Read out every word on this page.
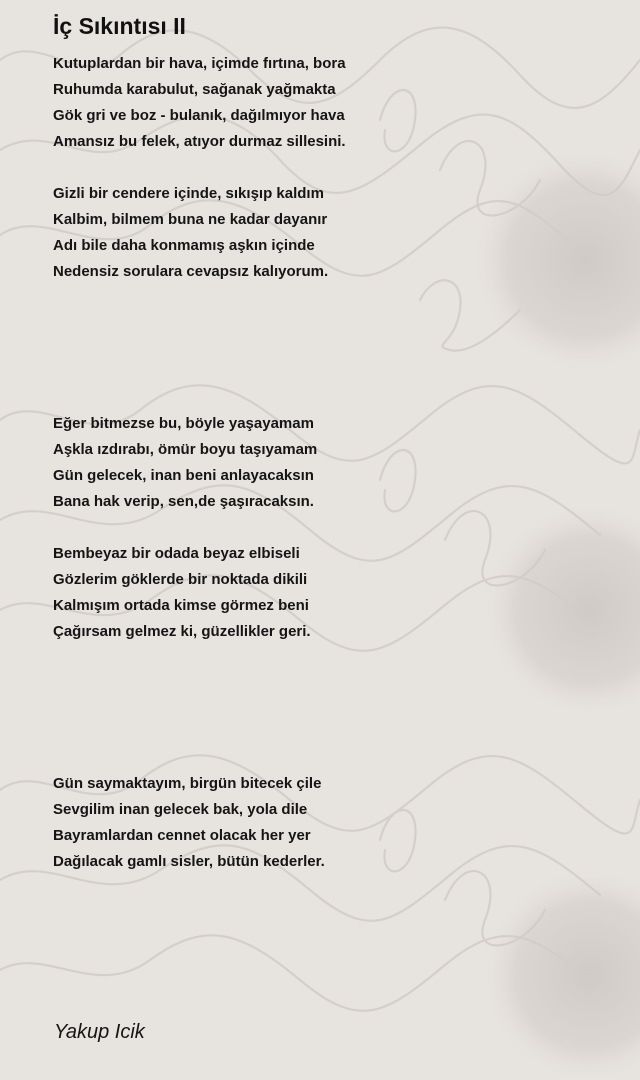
İç Sıkıntısı II

Kutuplardan bir hava, içimde fırtına, bora

Ruhumda karabulut, sağanak yağmakta

Gök gri ve boz - bulanık, dağılmıyor hava

Amansız bu felek, atıyor durmaz sillesini.

Gizli bir cendere içinde, sıkışıp kaldım

Kalbim, bilmem buna ne kadar dayanır

Adı bile daha konmamış aşkın içinde

Nedensiz sorulara cevapsız kalıyorum.

Eğer bitmezse bu, böyle yaşayamam

Aşkla ızdırabı, ömür boyu taşıyamam

Gün gelecek, inan beni anlayacaksın

Bana hak verip, sen,de şaşıracaksın.

Bembeyaz bir odada beyaz elbiseli

Gözlerim göklerde bir noktada dikili

Kalmışım ortada kimse görmez beni

Çağırsam gelmez ki, güzellikler geri.

Gün saymaktayım, birgün bitecek çile

Sevgilim inan gelecek bak, yola dile

Bayramlardan cennet olacak her yer

Dağılacak gamlı sisler, bütün kederler.

Yakup Icik
